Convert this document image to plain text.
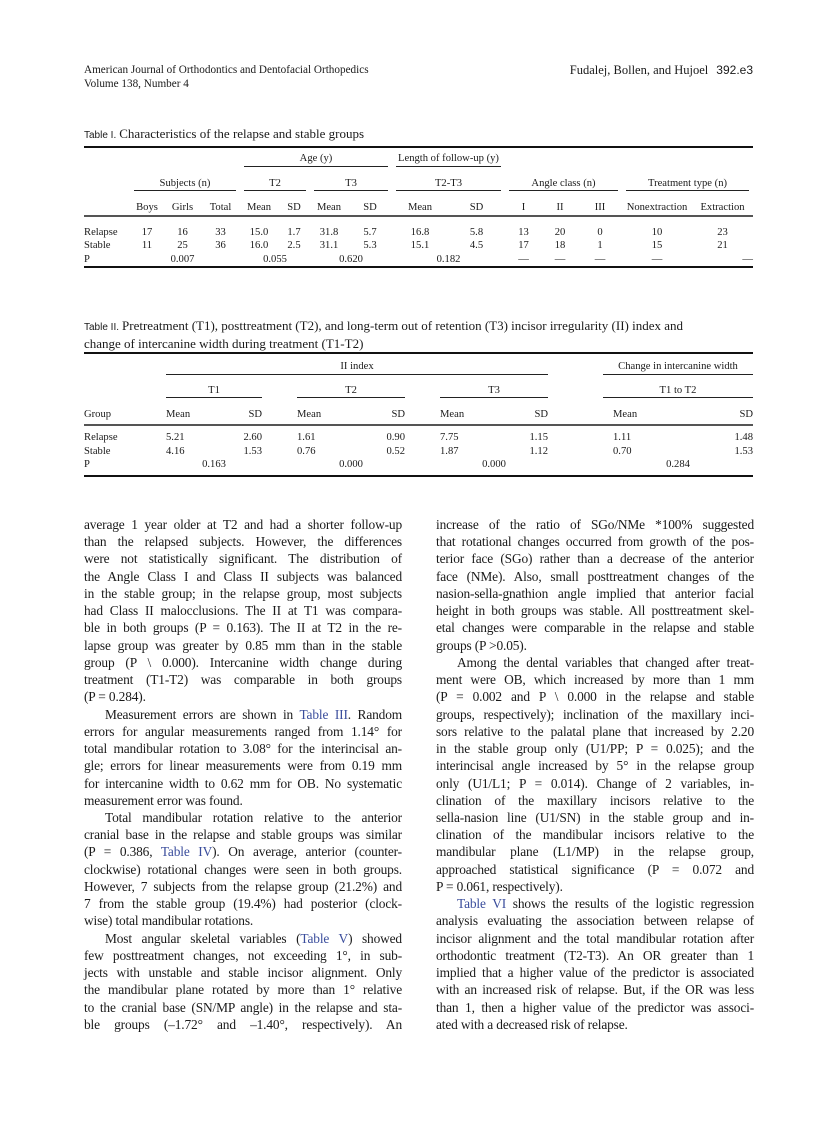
American Journal of Orthodontics and Dentofacial Orthopedics
Volume 138, Number 4
Fudalej, Bollen, and Hujoel 392.e3
Table I. Characteristics of the relapse and stable groups

				Age (y)				Length of follow-up (y)						

	Subjects (n)			T2		T3		T2-T3		Angle class (n)			Treatment type (n)	

	Boys	Girls	Total	Mean	SD	Mean	SD	Mean	SD	I	II	III	Nonextraction	Extraction

Relapse	17	16	33	15.0	1.7	31.8	5.7	16.8	5.8	13	20	0	10	23
Stable	11	25	36	16.0	2.5	31.1	5.3	15.1	4.5	17	18	1	15	21
P		0.007		0.055		0.620		0.182		—	—	—	—	—
Table II. Pretreatment (T1), posttreatment (T2), and long-term out of retention (T3) incisor irregularity (II) index and
change of intercanine width during treatment (T1-T2)

	II index									Change in intercanine width	

	T1			T2			T3			T1 to T2	

Group	Mean	SD		Mean	SD		Mean	SD		Mean	SD

Relapse	5.21	2.60		1.61	0.90		7.75	1.15		1.11	1.48
Stable	4.16	1.53		0.76	0.52		1.87	1.12		0.70	1.53
P	0.163			0.000			0.000			0.284	
average 1 year older at T2 and had a shorter follow-up
than the relapsed subjects. However, the differences
were not statistically significant. The distribution of
the Angle Class I and Class II subjects was balanced
in the stable group; in the relapse group, most subjects
had Class II malocclusions. The II at T1 was compara-
ble in both groups (P = 0.163). The II at T2 in the re-
lapse group was greater by 0.85 mm than in the stable
group (P \ 0.000). Intercanine width change during
treatment (T1-T2) was comparable in both groups
(P = 0.284).
Measurement errors are shown in Table III. Random
errors for angular measurements ranged from 1.14° for
total mandibular rotation to 3.08° for the interincisal an-
gle; errors for linear measurements were from 0.19 mm
for intercanine width to 0.62 mm for OB. No systematic
measurement error was found.
Total mandibular rotation relative to the anterior
cranial base in the relapse and stable groups was similar
(P = 0.386, Table IV). On average, anterior (counter-
clockwise) rotational changes were seen in both groups.
However, 7 subjects from the relapse group (21.2%) and
7 from the stable group (19.4%) had posterior (clock-
wise) total mandibular rotations.
Most angular skeletal variables (Table V) showed
few posttreatment changes, not exceeding 1°, in sub-
jects with unstable and stable incisor alignment. Only
the mandibular plane rotated by more than 1° relative
to the cranial base (SN/MP angle) in the relapse and sta-
ble groups (–1.72° and –1.40°, respectively). An
increase of the ratio of SGo/NMe *100% suggested
that rotational changes occurred from growth of the pos-
terior face (SGo) rather than a decrease of the anterior
face (NMe). Also, small posttreatment changes of the
nasion-sella-gnathion angle implied that anterior facial
height in both groups was stable. All posttreatment skel-
etal changes were comparable in the relapse and stable
groups (P >0.05).
Among the dental variables that changed after treat-
ment were OB, which increased by more than 1 mm
(P = 0.002 and P \ 0.000 in the relapse and stable
groups, respectively); inclination of the maxillary inci-
sors relative to the palatal plane that increased by 2.20
in the stable group only (U1/PP; P = 0.025); and the
interincisal angle increased by 5° in the relapse group
only (U1/L1; P = 0.014). Change of 2 variables, in-
clination of the maxillary incisors relative to the
sella-nasion line (U1/SN) in the stable group and in-
clination of the mandibular incisors relative to the
mandibular plane (L1/MP) in the relapse group,
approached statistical significance (P = 0.072 and
P = 0.061, respectively).
Table VI shows the results of the logistic regression
analysis evaluating the association between relapse of
incisor alignment and the total mandibular rotation after
orthodontic treatment (T2-T3). An OR greater than 1
implied that a higher value of the predictor is associated
with an increased risk of relapse. But, if the OR was less
than 1, then a higher value of the predictor was associ-
ated with a decreased risk of relapse.
